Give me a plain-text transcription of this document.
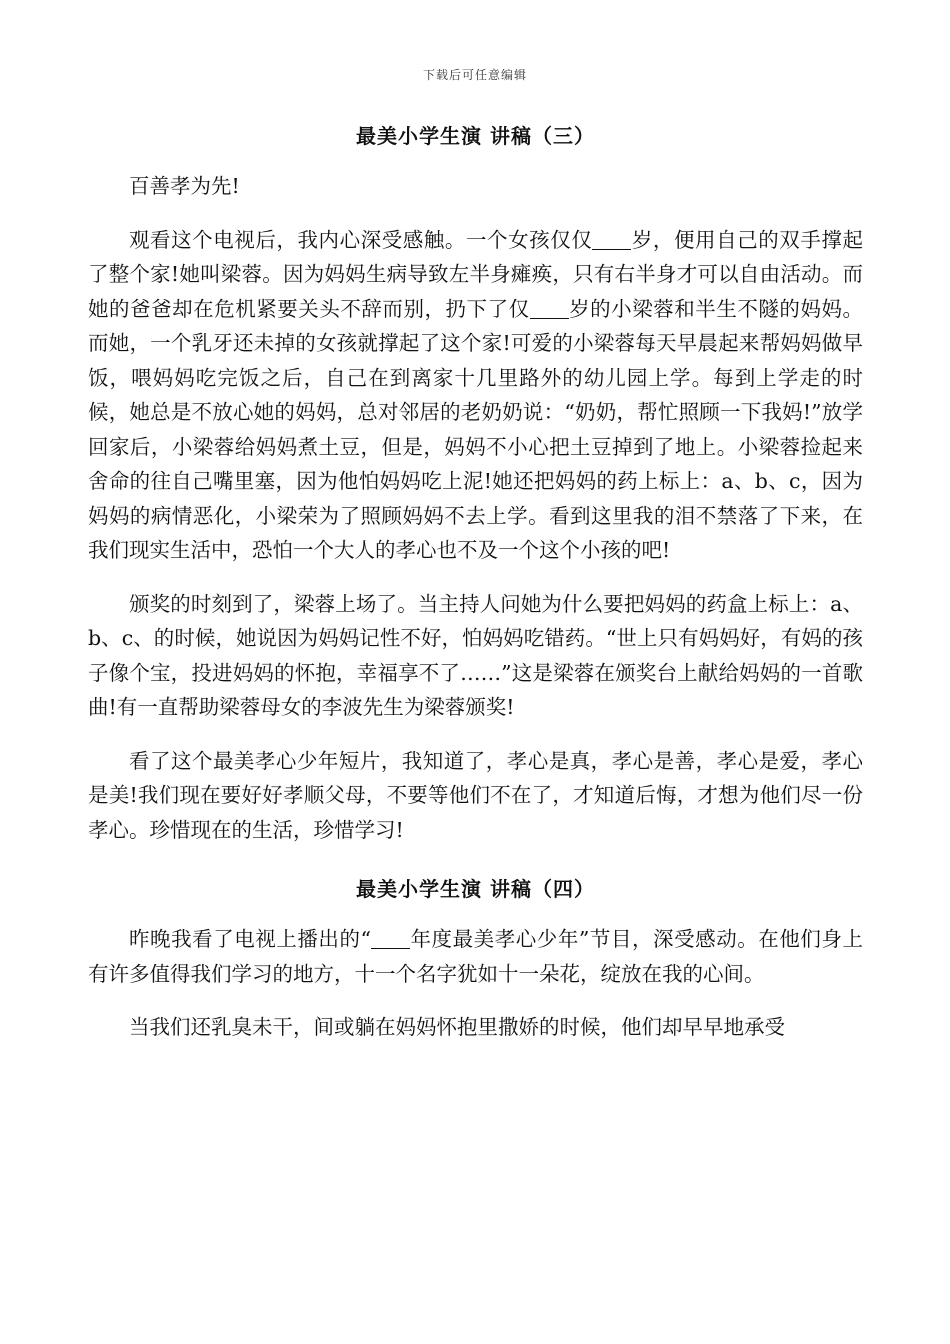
下载后可任意编辑
最美小学生演 讲稿（三）

百善孝为先!

观看这个电视后，我内心深受感触。一个女孩仅仅 岁，便用自己的双手撑起了整个家!她叫梁蓉。因为妈妈生病导致左半身瘫痪，只有右半身才可以自由活动。而她的爸爸却在危机紧要关头不辞而别，扔下了仅 岁的小梁蓉和半生不隧的妈妈。而她，一个乳牙还未掉的女孩就撑起了这个家!可爱的小梁蓉每天早晨起来帮妈妈做早饭，喂妈妈吃完饭之后，自己在到离家十几里路外的幼儿园上学。每到上学走的时候，她总是不放心她的妈妈，总对邻居的老奶奶说：“奶奶，帮忙照顾一下我妈!”放学回家后，小梁蓉给妈妈煮土豆，但是，妈妈不小心把土豆掉到了地上。小梁蓉捡起来舍命的往自己嘴里塞，因为他怕妈妈吃上泥!她还把妈妈的药上标上：a、b、c，因为妈妈的病情恶化，小梁荣为了照顾妈妈不去上学。看到这里我的泪不禁落了下来，在我们现实生活中，恐怕一个大人的孝心也不及一个这个小孩的吧!

颁奖的时刻到了，梁蓉上场了。当主持人问她为什么要把妈妈的药盒上标上：a、b、c、的时候，她说因为妈妈记性不好，怕妈妈吃错药。“世上只有妈妈好，有妈的孩子像个宝，投进妈妈的怀抱，幸福享不了……”这是梁蓉在颁奖台上献给妈妈的一首歌曲!有一直帮助梁蓉母女的李波先生为梁蓉颁奖!

看了这个最美孝心少年短片，我知道了，孝心是真，孝心是善，孝心是爱，孝心是美!我们现在要好好孝顺父母，不要等他们不在了，才知道后悔，才想为他们尽一份孝心。珍惜现在的生活，珍惜学习!

最美小学生演 讲稿（四）

昨晚我看了电视上播出的“ 年度最美孝心少年”节目，深受感动。在他们身上有许多值得我们学习的地方，十一个名字犹如十一朵花，绽放在我的心间。

当我们还乳臭未干，间或躺在妈妈怀抱里撒娇的时候，他们却早早地承受
